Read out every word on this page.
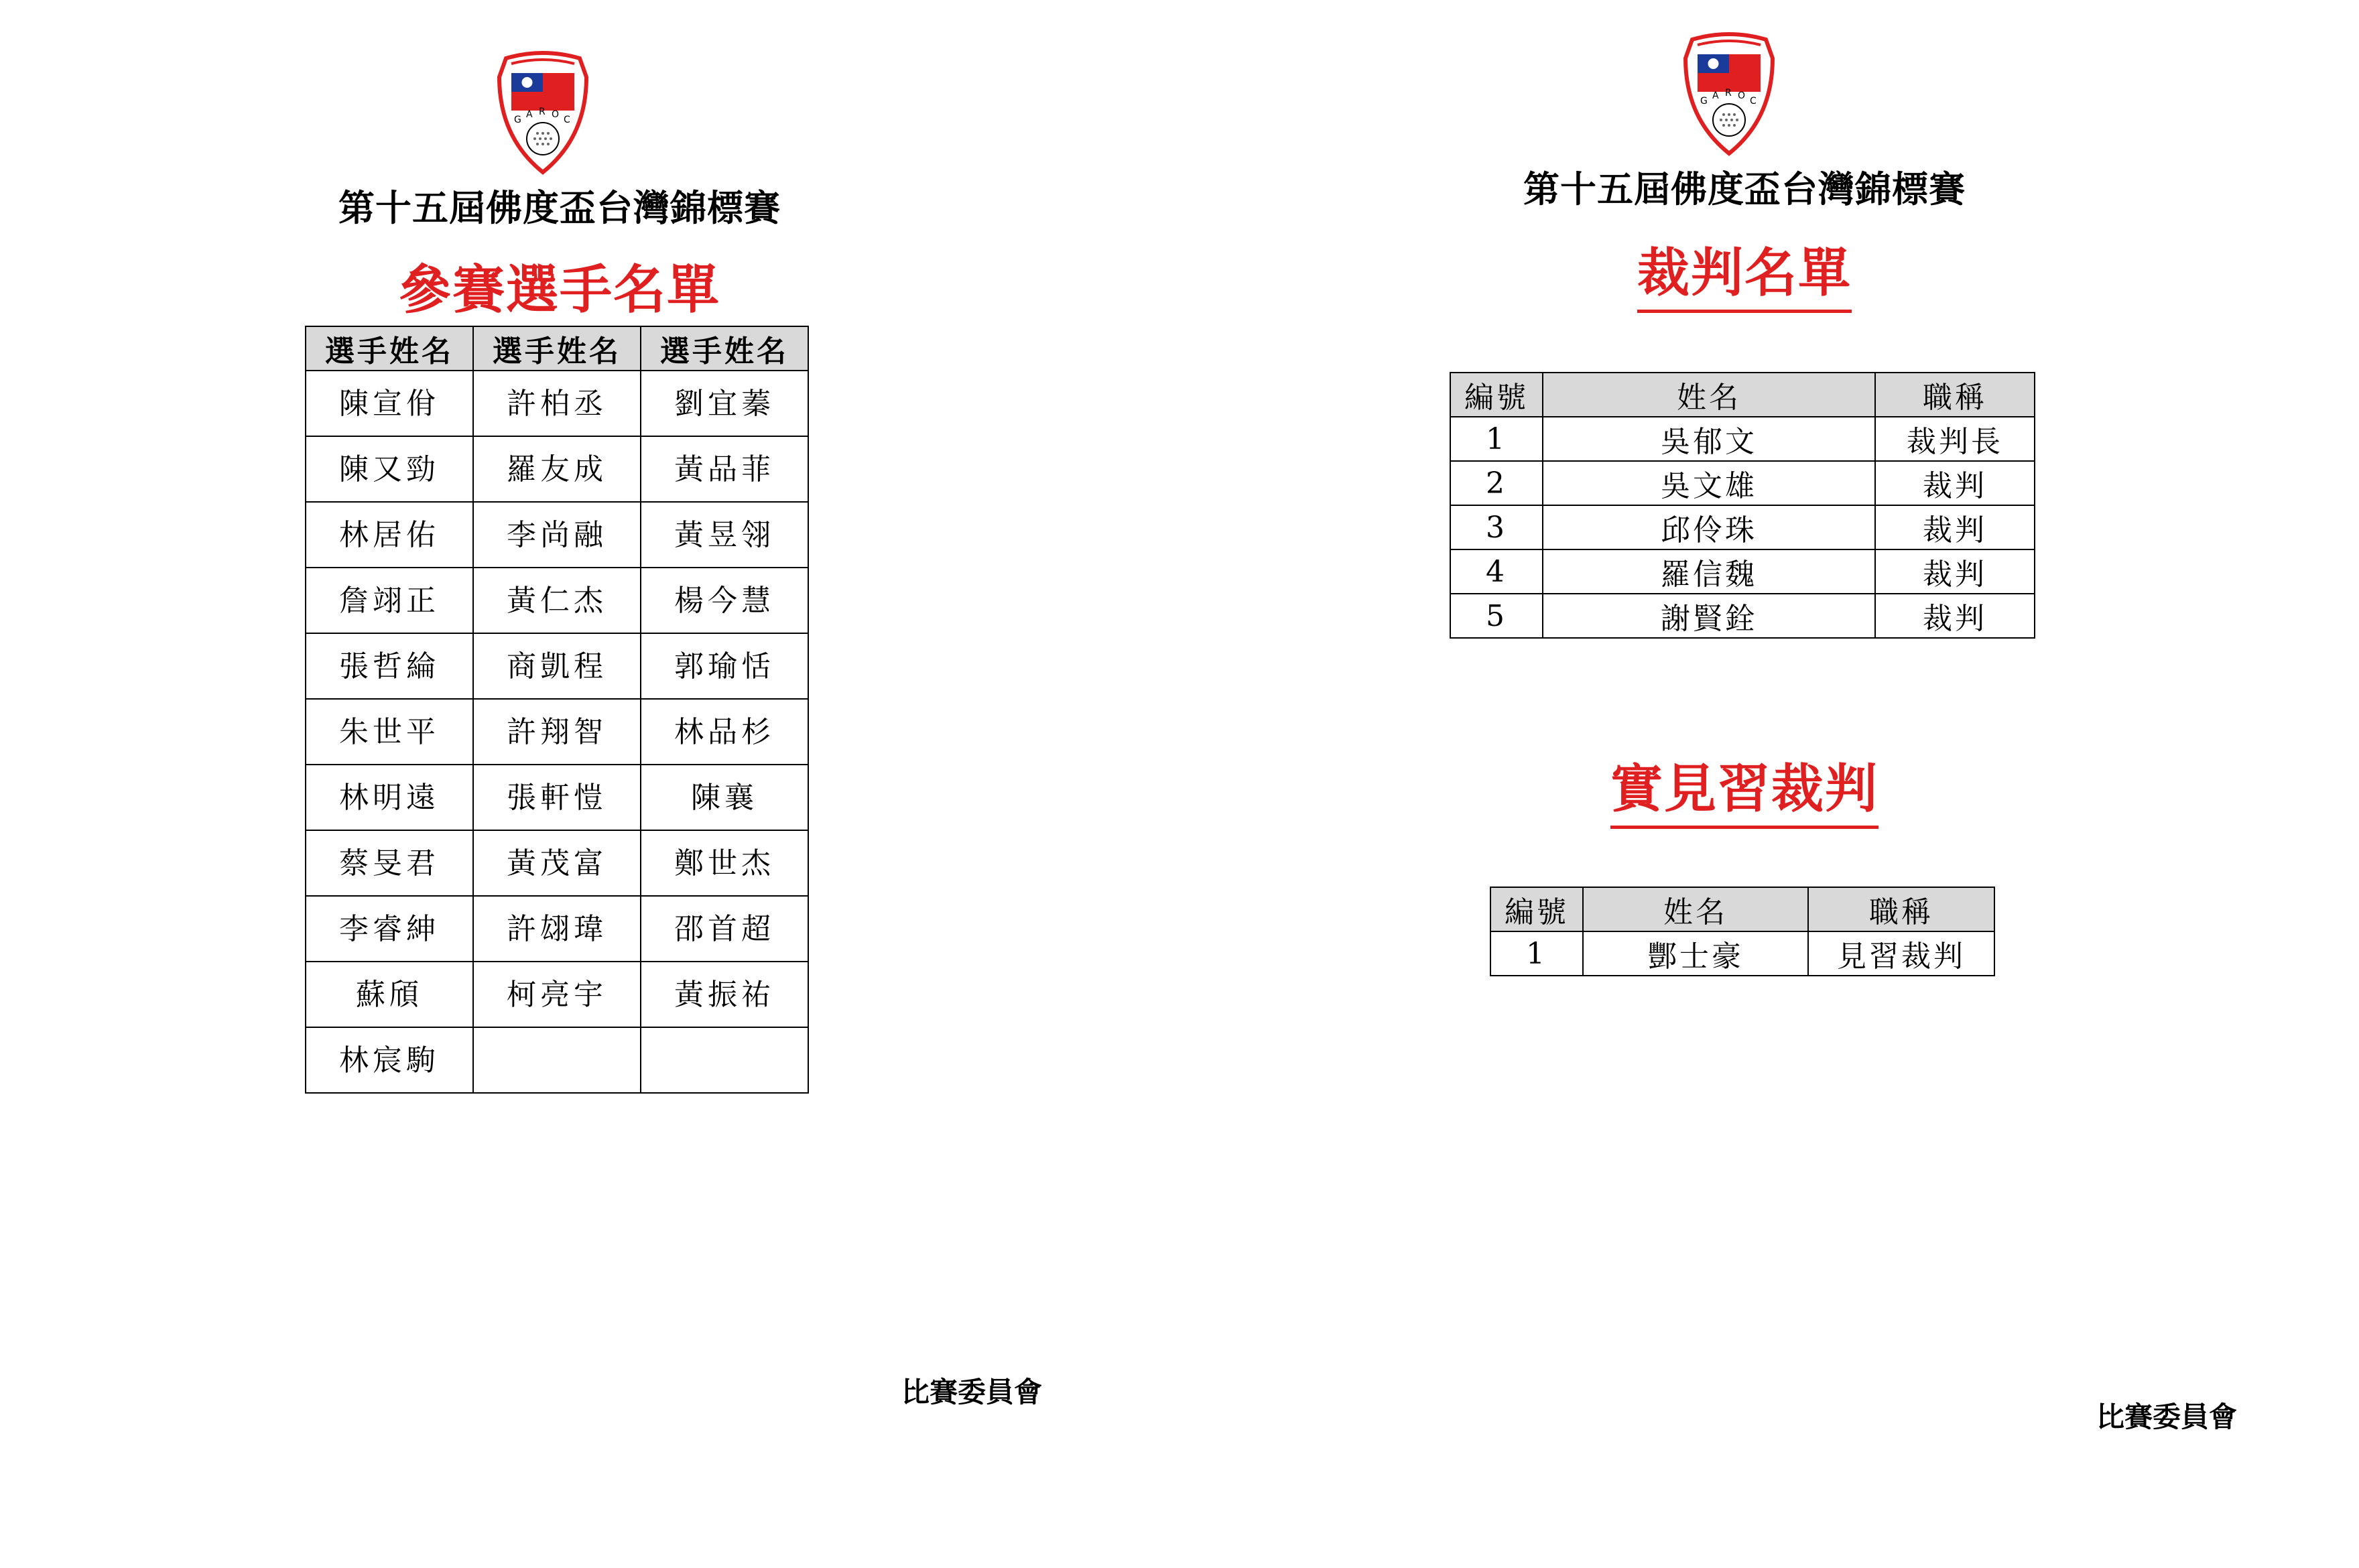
G A R O C
第十五屆佛度盃台灣錦標賽
參賽選手名單
選手姓名	選手姓名	選手姓名
陳宣佾	許柏丞	劉宜蓁
陳又勁	羅友成	黃品菲
林居佑	李尚融	黃昱翎
詹翊正	黃仁杰	楊今慧
張哲綸	商凱程	郭瑜恬
朱世平	許翔智	林品杉
林明遠	張軒愷	陳襄
蔡旻君	黃茂富	鄭世杰
李睿紳	許翃瑋	邵首超
蘇頎	柯亮宇	黃振祐
林宸駒		
比賽委員會
G A R O C
第十五屆佛度盃台灣錦標賽
裁判名單
編號	姓名	職稱
1	吳郁文	裁判長
2	吳文雄	裁判
3	邱伶珠	裁判
4	羅信魏	裁判
5	謝賢銓	裁判
實見習裁判
編號	姓名	職稱
1	酆士豪	見習裁判
比賽委員會
